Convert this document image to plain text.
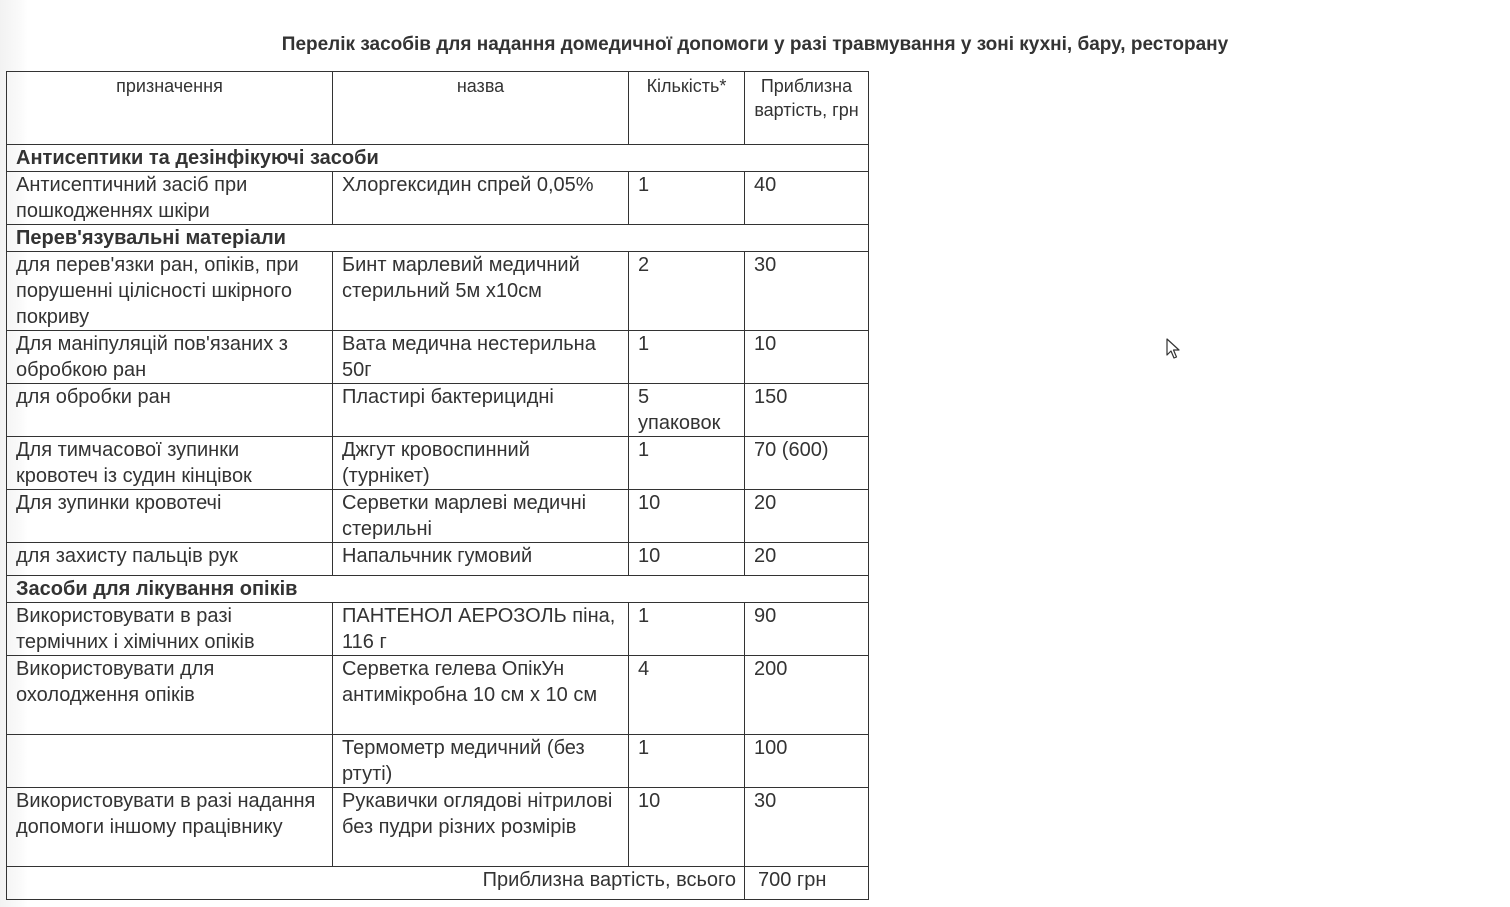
Перелік засобів для надання домедичної допомоги у разі травмування у зоні кухні, бару, ресторану
призначення	назва	Кількість*	Приблизна вартість, грн
Антисептики та дезінфікуючі засоби			
Антисептичний засіб при пошкодженнях шкіри	Хлоргексидин спрей 0,05%	1	40
Перев'язувальні матеріали			
для перев'язки ран, опіків, при порушенні цілісності шкірного покриву	Бинт марлевий медичний стерильний 5м х10см	2	30
Для маніпуляцій пов'язаних з обробкою ран	Вата медична нестерильна 50г	1	10
для обробки ран	Пластирі бактерицидні	5 упаковок	150
Для тимчасової зупинки кровотеч із судин кінцівок	Джгут кровоспинний (турнікет)	1	70 (600)
Для зупинки кровотечі	Серветки марлеві медичні стерильні	10	20
для захисту пальців рук	Напальчник гумовий	10	20
Засоби для лікування опіків			
Використовувати в разі термічних і хімічних опіків	ПАНТЕНОЛ АЕРОЗОЛЬ піна, 116 г	1	90
Використовувати для охолодження опіків	Серветка гелева ОпікУн антимікробна 10 см х 10 см	4	200
	Термометр медичний (без ртуті)	1	100
Використовувати в разі надання допомоги іншому працівнику	Рукавички оглядові нітрилові без пудри різних розмірів	10	30
Приблизна вартість, всього			700 грн
